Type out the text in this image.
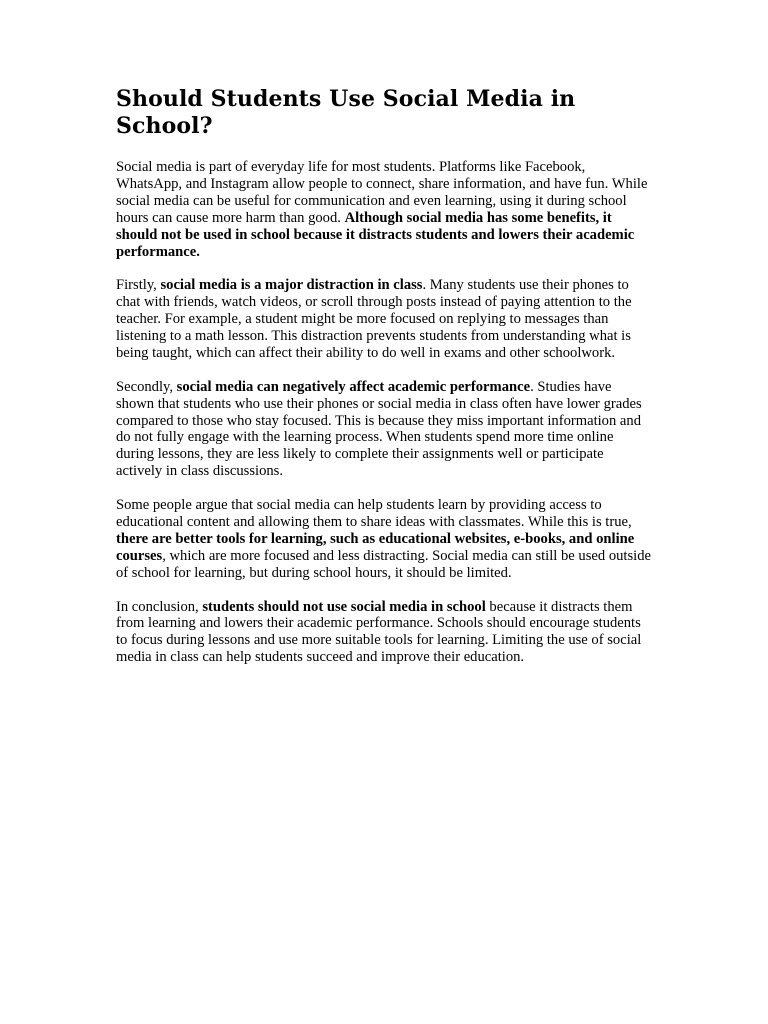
Should Students Use Social Media in School?

Social media is part of everyday life for most students. Platforms like Facebook, WhatsApp, and Instagram allow people to connect, share information, and have fun. While social media can be useful for communication and even learning, using it during school hours can cause more harm than good. Although social media has some benefits, it should not be used in school because it distracts students and lowers their academic performance.

Firstly, social media is a major distraction in class. Many students use their phones to chat with friends, watch videos, or scroll through posts instead of paying attention to the teacher. For example, a student might be more focused on replying to messages than listening to a math lesson. This distraction prevents students from understanding what is being taught, which can affect their ability to do well in exams and other schoolwork.

Secondly, social media can negatively affect academic performance. Studies have shown that students who use their phones or social media in class often have lower grades compared to those who stay focused. This is because they miss important information and do not fully engage with the learning process. When students spend more time online during lessons, they are less likely to complete their assignments well or participate actively in class discussions.

Some people argue that social media can help students learn by providing access to educational content and allowing them to share ideas with classmates. While this is true, there are better tools for learning, such as educational websites, e-books, and online courses, which are more focused and less distracting. Social media can still be used outside of school for learning, but during school hours, it should be limited.

In conclusion, students should not use social media in school because it distracts them from learning and lowers their academic performance. Schools should encourage students to focus during lessons and use more suitable tools for learning. Limiting the use of social media in class can help students succeed and improve their education.
